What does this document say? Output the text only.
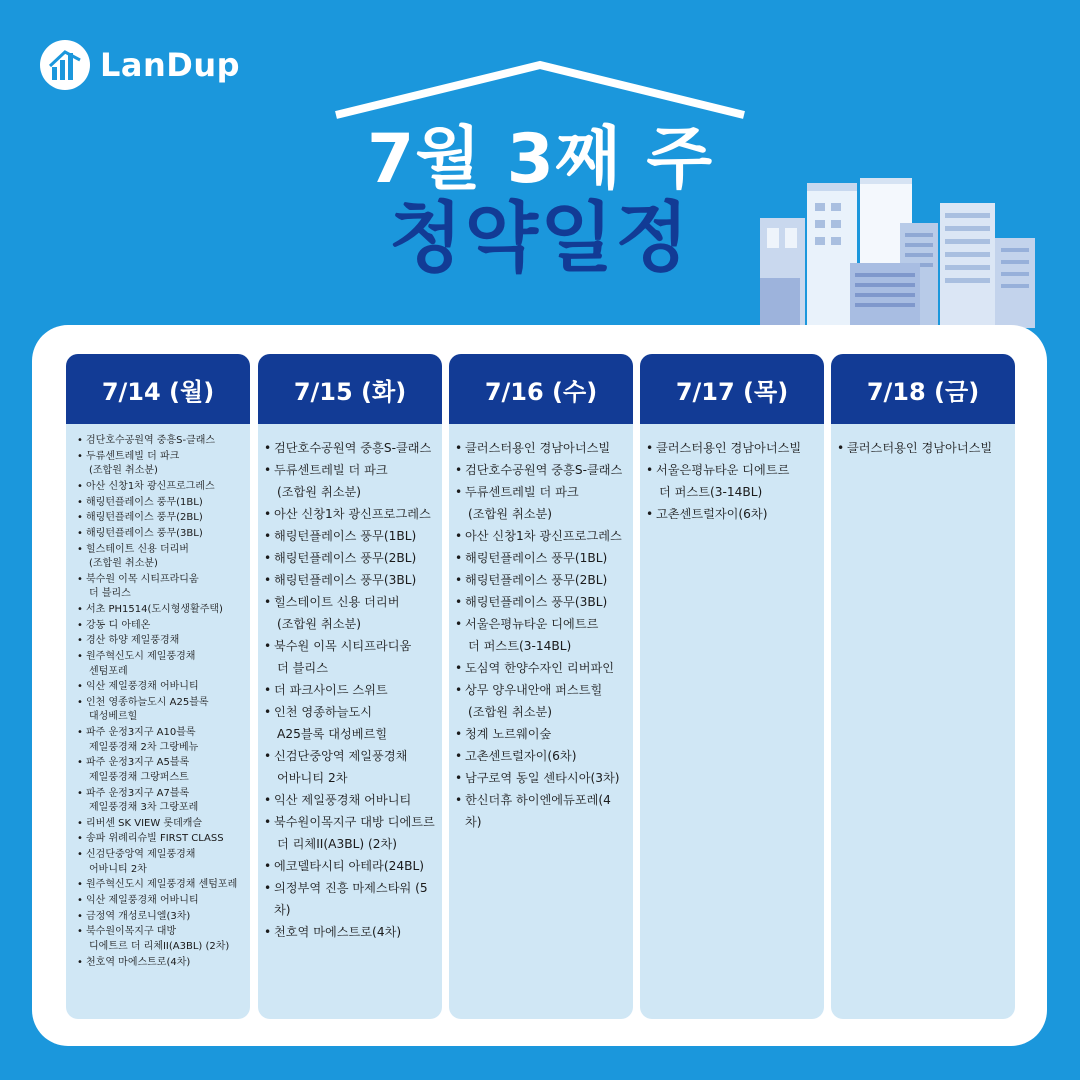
LanDup
7월 3째 주
청약일정
7/14 (월)
• 검단호수공원역 중흥S-클래스
• 두류센트레빌 더 파크
(조합원 취소분)
• 아산 신창1차 광신프로그레스
• 해링턴플레이스 풍무(1BL)
• 해링턴플레이스 풍무(2BL)
• 해링턴플레이스 풍무(3BL)
• 힐스테이트 신용 더리버
(조합원 취소분)
• 북수원 이목 시티프라디움
더 블리스
• 서초 PH1514(도시형생활주택)
• 강동 디 아테온
• 경산 하양 제일풍경채
• 원주혁신도시 제일풍경채
센텀포레
• 익산 제일풍경채 어바니티
• 인천 영종하늘도시 A25블록
대성베르힐
• 파주 운정3지구 A10블록
제일풍경채 2차 그랑베뉴
• 파주 운정3지구 A5블록
제일풍경채 그랑퍼스트
• 파주 운정3지구 A7블록
제일풍경채 3차 그랑포레
• 리버센 SK VIEW 롯데캐슬
• 송파 위례리슈빌 FIRST CLASS
• 신검단중앙역 제일풍경채
어바니티 2차
• 원주혁신도시 제일풍경채 센텀포레
• 익산 제일풍경채 어바니티
• 금정역 개성로니엘(3차)
• 북수원이목지구 대방
디에트르 더 리체II(A3BL) (2차)
• 천호역 마에스트로(4차)
7/15 (화)
• 검단호수공원역 중흥S-클래스
• 두류센트레빌 더 파크
(조합원 취소분)
• 아산 신창1차 광신프로그레스
• 해링턴플레이스 풍무(1BL)
• 해링턴플레이스 풍무(2BL)
• 해링턴플레이스 풍무(3BL)
• 힐스테이트 신용 더리버
(조합원 취소분)
• 북수원 이목 시티프라디움
더 블리스
• 더 파크사이드 스위트
• 인천 영종하늘도시
A25블록 대성베르힐
• 신검단중앙역 제일풍경채
어바니티 2차
• 익산 제일풍경채 어바니티
• 북수원이목지구 대방 디에트르
더 리체II(A3BL) (2차)
• 에코델타시티 아테라(24BL)
• 의정부역 진흥 마제스타워 (5차)
• 천호역 마에스트로(4차)
7/16 (수)
• 클러스터용인 경남아너스빌
• 검단호수공원역 중흥S-클래스
• 두류센트레빌 더 파크
(조합원 취소분)
• 아산 신창1차 광신프로그레스
• 해링턴플레이스 풍무(1BL)
• 해링턴플레이스 풍무(2BL)
• 해링턴플레이스 풍무(3BL)
• 서울은평뉴타운 디에트르
더 퍼스트(3-14BL)
• 도심역 한양수자인 리버파인
• 상무 양우내안애 퍼스트힐
(조합원 취소분)
• 청계 노르웨이숲
• 고촌센트럴자이(6차)
• 남구로역 동일 센타시아(3차)
• 한신더휴 하이엔에듀포레(4차)
7/17 (목)
• 클러스터용인 경남아너스빌
• 서울은평뉴타운 디에트르
더 퍼스트(3-14BL)
• 고촌센트럴자이(6차)
7/18 (금)
• 클러스터용인 경남아너스빌
